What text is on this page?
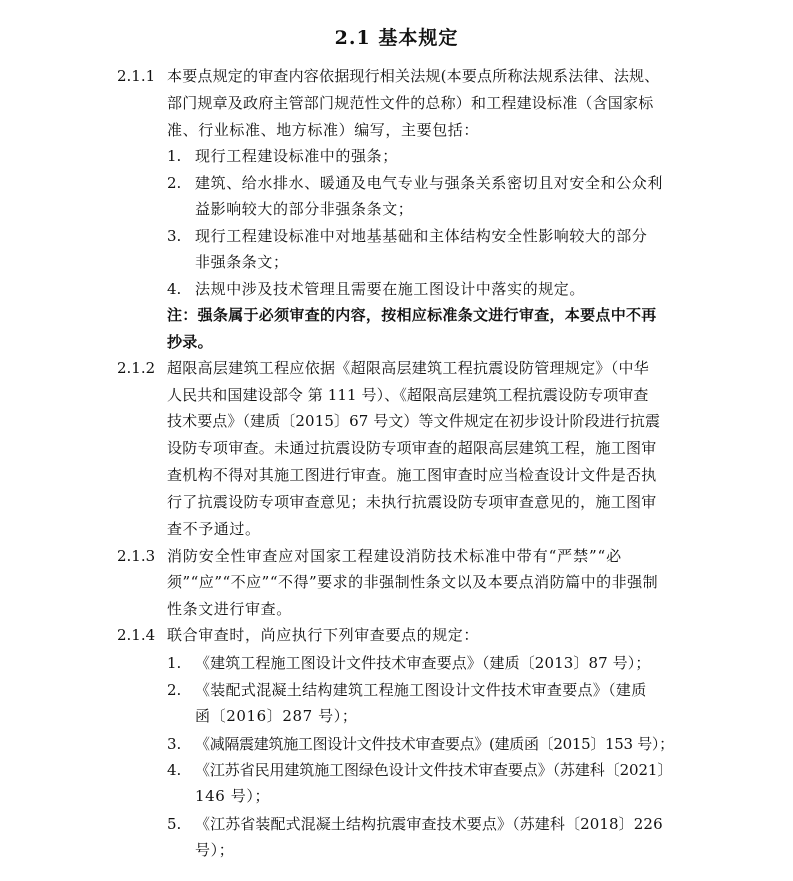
2.1 基本规定
2.1.1 本要点规定的审查内容依据现行相关法规(本要点所称法规系法律、法规、
部门规章及政府主管部门规范性文件的总称）和工程建设标准（含国家标
准、行业标准、地方标准）编写，主要包括：
1. 现行工程建设标准中的强条；
2. 建筑、给水排水、暖通及电气专业与强条关系密切且对安全和公众利
益影响较大的部分非强条条文；
3. 现行工程建设标准中对地基基础和主体结构安全性影响较大的部分
非强条条文；
4. 法规中涉及技术管理且需要在施工图设计中落实的规定。
注：强条属于必须审查的内容，按相应标准条文进行审查，本要点中不再
抄录。
2.1.2 超限高层建筑工程应依据《超限高层建筑工程抗震设防管理规定》（中华
人民共和国建设部令 第 111 号）、《超限高层建筑工程抗震设防专项审查
技术要点》（建质〔2015〕67 号文）等文件规定在初步设计阶段进行抗震
设防专项审查。未通过抗震设防专项审查的超限高层建筑工程，施工图审
查机构不得对其施工图进行审查。施工图审查时应当检查设计文件是否执
行了抗震设防专项审查意见；未执行抗震设防专项审查意见的，施工图审
查不予通过。
2.1.3 消防安全性审查应对国家工程建设消防技术标准中带有“严禁”“必
须”“应”“不应”“不得”要求的非强制性条文以及本要点消防篇中的非强制
性条文进行审查。
2.1.4 联合审查时，尚应执行下列审查要点的规定：
1. 《建筑工程施工图设计文件技术审查要点》（建质〔2013〕87 号）；
2. 《装配式混凝土结构建筑工程施工图设计文件技术审查要点》（建质
函〔2016〕287 号）；
3. 《减隔震建筑施工图设计文件技术审查要点》(建质函〔2015〕153 号）；
4. 《江苏省民用建筑施工图绿色设计文件技术审查要点》（苏建科〔2021〕
146 号）；
5. 《江苏省装配式混凝土结构抗震审查技术要点》（苏建科〔2018〕226
号）；
